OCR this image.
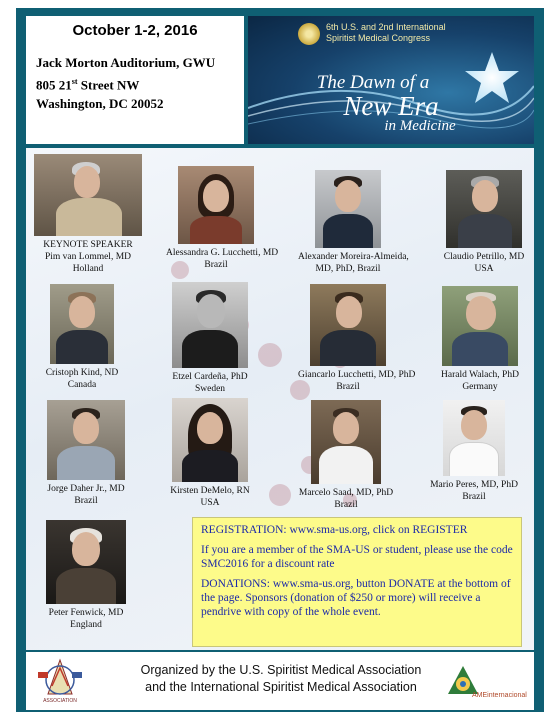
October 1-2, 2016
Jack Morton Auditorium, GWU
805 21st Street NW
Washington, DC 20052
6th U.S. and 2nd International
Spiritist Medical Congress
The Dawn of a
New Era
in Medicine
KEYNOTE SPEAKER
Pim van Lommel, MD
Holland
Alessandra G. Lucchetti, MD
Brazil
Alexander Moreira-Almeida,
MD, PhD, Brazil
Claudio Petrillo, MD
USA
Cristoph Kind, ND
Canada
Etzel Cardeña, PhD
Sweden
Giancarlo Lucchetti, MD, PhD
Brazil
Harald Walach, PhD
Germany
Jorge Daher Jr., MD
Brazil
Kirsten DeMelo, RN
USA
Marcelo Saad, MD, PhD
Brazil
Mario Peres, MD, PhD
Brazil
Peter Fenwick, MD
England

REGISTRATION: www.sma-us.org, click on REGISTER

If you are a member of the SMA-US or student, please use the code SMC2016 for a discount rate

DONATIONS: www.sma-us.org, button DONATE at the bottom of the page. Sponsors (donation of $250 or more) will receive a pendrive with copy of the whole event.

ASSOCIATION
Organized by the U.S. Spiritist Medical Association
and the International Spiritist Medical Association
AMEinternacional
